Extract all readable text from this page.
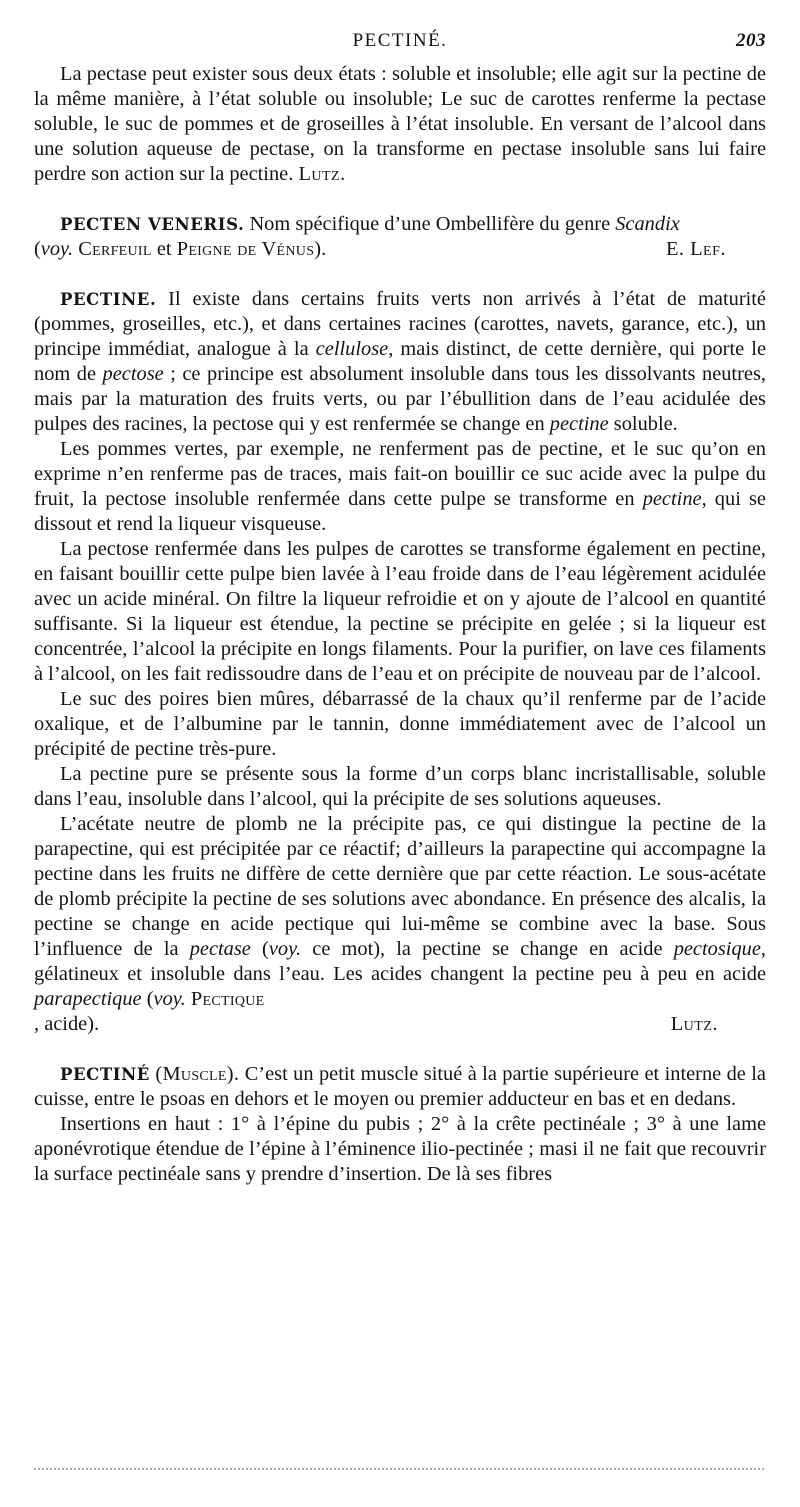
PECTINÉ.	203

La pectase peut exister sous deux états : soluble et insoluble; elle agit sur la pectine de la même manière, à l’état soluble ou insoluble; Le suc de carottes renferme la pectase soluble, le suc de pommes et de groseilles à l’état insoluble. En versant de l’alcool dans une solution aqueuse de pectase, on la transforme en pectase insoluble sans lui faire perdre son action sur la pectine. Lutz.

PECTEN VENERIS. Nom spécifique d’une Ombellifère du genre Scandix

(voy. Cerfeuil et Peigne de Vénus).	E. Lef.

PECTINE. Il existe dans certains fruits verts non arrivés à l’état de maturité (pommes, groseilles, etc.), et dans certaines racines (carottes, navets, garance, etc.), un principe immédiat, analogue à la cellulose, mais distinct, de cette dernière, qui porte le nom de pectose ; ce principe est absolument insoluble dans tous les dissolvants neutres, mais par la maturation des fruits verts, ou par l’ébullition dans de l’eau acidulée des pulpes des racines, la pectose qui y est renfermée se change en pectine soluble.

Les pommes vertes, par exemple, ne renferment pas de pectine, et le suc qu’on en exprime n’en renferme pas de traces, mais fait-on bouillir ce suc acide avec la pulpe du fruit, la pectose insoluble renfermée dans cette pulpe se transforme en pectine, qui se dissout et rend la liqueur visqueuse.

La pectose renfermée dans les pulpes de carottes se transforme également en pectine, en faisant bouillir cette pulpe bien lavée à l’eau froide dans de l’eau légèrement acidulée avec un acide minéral. On filtre la liqueur refroidie et on y ajoute de l’alcool en quantité suffisante. Si la liqueur est étendue, la pectine se précipite en gelée ; si la liqueur est concentrée, l’alcool la précipite en longs filaments. Pour la purifier, on lave ces filaments à l’alcool, on les fait redissoudre dans de l’eau et on précipite de nouveau par de l’alcool.

Le suc des poires bien mûres, débarrassé de la chaux qu’il renferme par de l’acide oxalique, et de l’albumine par le tannin, donne immédiatement avec de l’alcool un précipité de pectine très-pure.

La pectine pure se présente sous la forme d’un corps blanc incristallisable, soluble dans l’eau, insoluble dans l’alcool, qui la précipite de ses solutions aqueuses.

L’acétate neutre de plomb ne la précipite pas, ce qui distingue la pectine de la parapectine, qui est précipitée par ce réactif; d’ailleurs la parapectine qui accompagne la pectine dans les fruits ne diffère de cette dernière que par cette réaction. Le sous-acétate de plomb précipite la pectine de ses solutions avec abondance. En présence des alcalis, la pectine se change en acide pectique qui lui-même se combine avec la base. Sous l’influence de la pectase (voy. ce mot), la pectine se change en acide pectosique, gélatineux et insoluble dans l’eau. Les acides changent la pectine peu à peu en acide parapectique (voy. Pectique

, acide).	Lutz.

PECTINÉ (Muscle). C’est un petit muscle situé à la partie supérieure et interne de la cuisse, entre le psoas en dehors et le moyen ou premier adducteur en bas et en dedans.

Insertions en haut : 1° à l’épine du pubis ; 2° à la crête pectinéale ; 3° à une lame aponévrotique étendue de l’épine à l’éminence ilio-pectinée ; masi il ne fait que recouvrir la surface pectinéale sans y prendre d’insertion. De là ses fibres
